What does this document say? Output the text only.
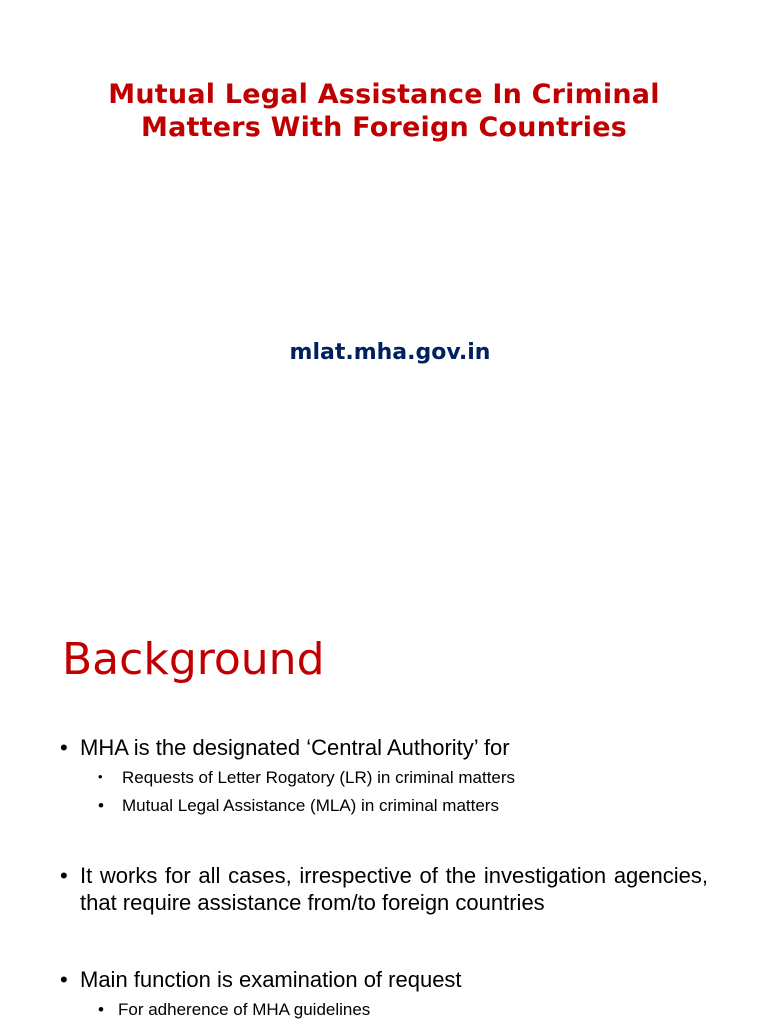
Mutual Legal Assistance In Criminal
Matters With Foreign Countries
mlat.mha.gov.in
Background
• MHA is the designated ‘Central Authority’ for
• Requests of Letter Rogatory (LR) in criminal matters
• Mutual Legal Assistance (MLA) in criminal matters
• It works for all cases, irrespective of the investigation agencies, that require assistance from/to foreign countries
• Main function is examination of request
• For adherence of MHA guidelines
